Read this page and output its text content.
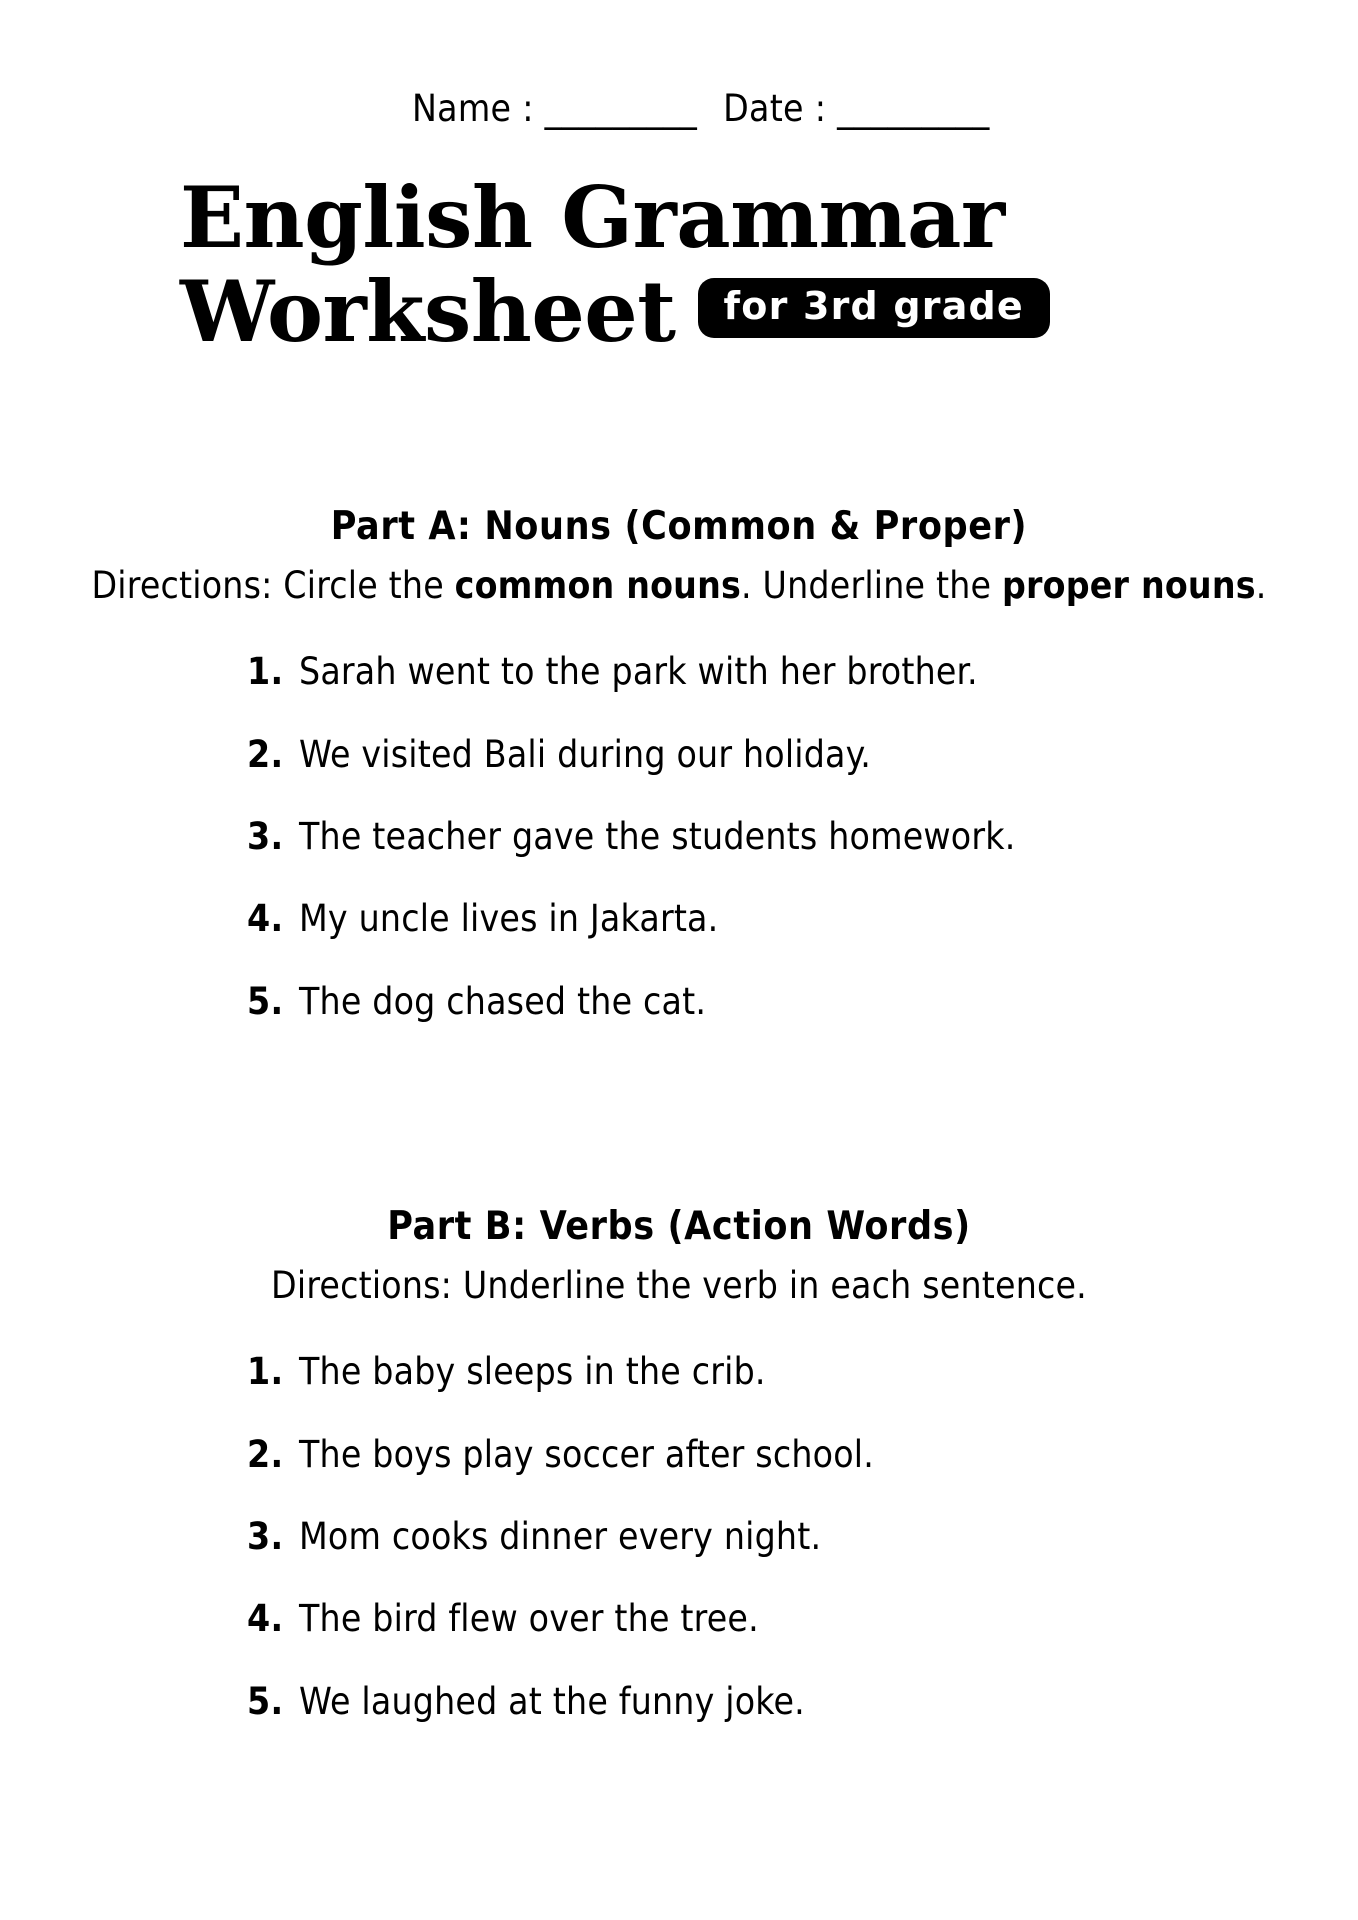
Name : _________ Date : _________

English Grammar
Worksheet	for 3rd grade
Part A: Nouns (Common & Proper)
Directions: Circle the common nouns. Underline the proper nouns.
1. Sarah went to the park with her brother.
2. We visited Bali during our holiday.
3. The teacher gave the students homework.
4. My uncle lives in Jakarta.
5. The dog chased the cat.
Part B: Verbs (Action Words)
Directions: Underline the verb in each sentence.
1. The baby sleeps in the crib.
2. The boys play soccer after school.
3. Mom cooks dinner every night.
4. The bird flew over the tree.
5. We laughed at the funny joke.
